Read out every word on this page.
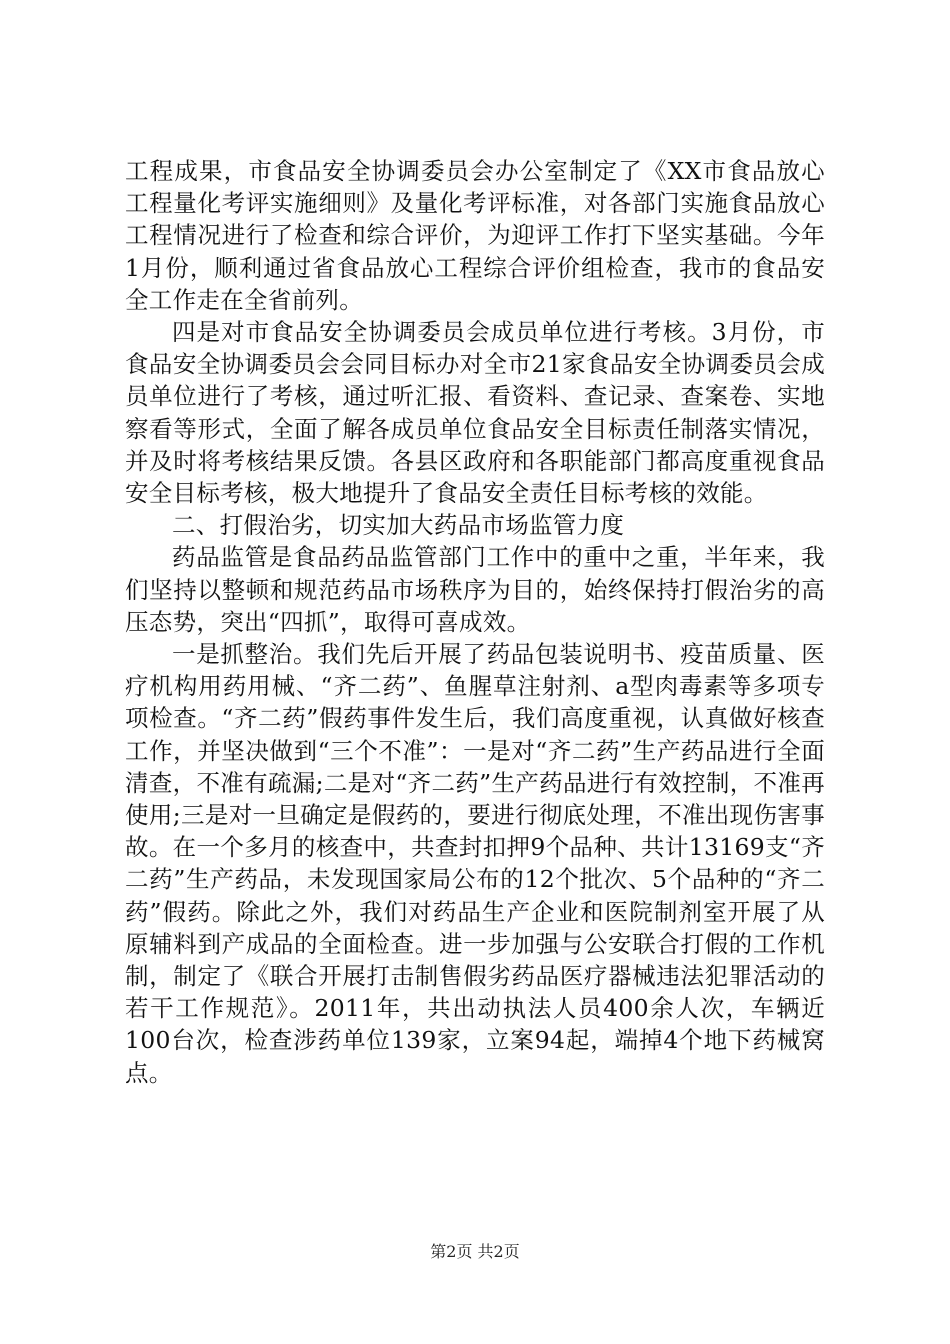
工程成果，市食品安全协调委员会办公室制定了《XX市食品放心工程量化考评实施细则》及量化考评标准，对各部门实施食品放心工程情况进行了检查和综合评价，为迎评工作打下坚实基础。今年1月份，顺利通过省食品放心工程综合评价组检查，我市的食品安全工作走在全省前列。

四是对市食品安全协调委员会成员单位进行考核。3月份，市食品安全协调委员会会同目标办对全市21家食品安全协调委员会成员单位进行了考核，通过听汇报、看资料、查记录、查案卷、实地察看等形式，全面了解各成员单位食品安全目标责任制落实情况，并及时将考核结果反馈。各县区政府和各职能部门都高度重视食品安全目标考核，极大地提升了食品安全责任目标考核的效能。

二、打假治劣，切实加大药品市场监管力度

药品监管是食品药品监管部门工作中的重中之重，半年来，我们坚持以整顿和规范药品市场秩序为目的，始终保持打假治劣的高压态势，突出“四抓”，取得可喜成效。

一是抓整治。我们先后开展了药品包装说明书、疫苗质量、医疗机构用药用械、“齐二药”、鱼腥草注射剂、a型肉毒素等多项专项检查。“齐二药”假药事件发生后，我们高度重视，认真做好核查工作，并坚决做到“三个不准”：一是对“齐二药”生产药品进行全面清查，不准有疏漏;二是对“齐二药”生产药品进行有效控制，不准再使用;三是对一旦确定是假药的，要进行彻底处理，不准出现伤害事故。在一个多月的核查中，共查封扣押9个品种、共计13169支“齐二药”生产药品，未发现国家局公布的12个批次、5个品种的“齐二药”假药。除此之外，我们对药品生产企业和医院制剂室开展了从原辅料到产成品的全面检查。进一步加强与公安联合打假的工作机制，制定了《联合开展打击制售假劣药品医疗器械违法犯罪活动的若干工作规范》。2011年，共出动执法人员400余人次，车辆近100台次，检查涉药单位139家，立案94起，端掉4个地下药械窝点。

第2页 共2页
